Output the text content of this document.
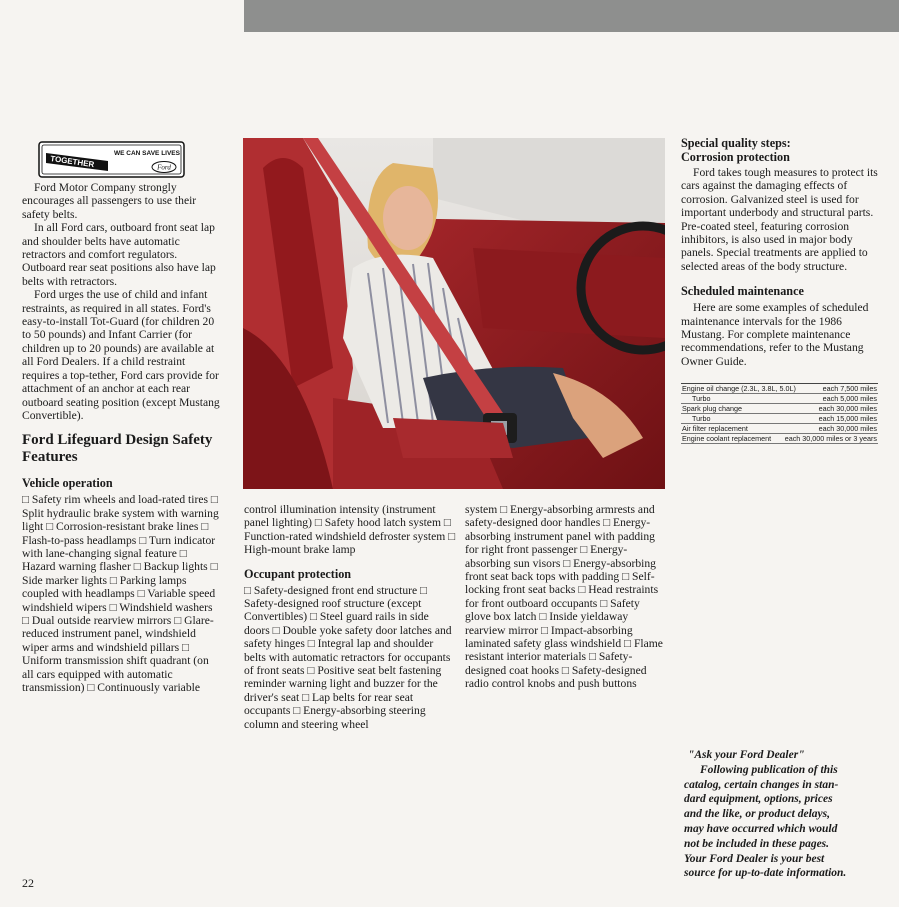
TOGETHER
WE CAN SAVE LIVES
Ford

Ford Motor Company strongly encourages all passengers to use their safety belts.

In all Ford cars, outboard front seat lap and shoulder belts have automatic retractors and comfort regulators. Outboard rear seat positions also have lap belts with retractors.

Ford urges the use of child and infant restraints, as required in all states. Ford's easy-to-install Tot-Guard (for children 20 to 50 pounds) and Infant Carrier (for children up to 20 pounds) are available at all Ford Dealers. If a child restraint requires a top-tether, Ford cars provide for attachment of an anchor at each rear outboard seating position (except Mustang Convertible).

Ford Lifeguard Design Safety Features
Vehicle operation

□ Safety rim wheels and load-rated tires □ Split hydraulic brake system with warning light □ Corrosion-resistant brake lines □ Flash-to-pass headlamps □ Turn indicator with lane-changing signal feature □ Hazard warning flasher □ Backup lights □ Side marker lights □ Parking lamps coupled with headlamps □ Variable speed windshield wipers □ Windshield washers □ Dual outside rearview mirrors □ Glare-reduced instrument panel, windshield wiper arms and windshield pillars □ Uniform transmission shift quadrant (on all cars equipped with automatic transmission) □ Continuously variable

control illumination intensity (instrument panel lighting) □ Safety hood latch system □ Function-rated windshield defroster system □ High-mount brake lamp

Occupant protection

□ Safety-designed front end structure □ Safety-designed roof structure (except Convertibles) □ Steel guard rails in side doors □ Double yoke safety door latches and safety hinges □ Integral lap and shoulder belts with automatic retractors for occupants of front seats □ Positive seat belt fastening reminder warning light and buzzer for the driver's seat □ Lap belts for rear seat occupants □ Energy-absorbing steering column and steering wheel

system □ Energy-absorbing armrests and safety-designed door handles □ Energy-absorbing instrument panel with padding for right front passenger □ Energy-absorbing sun visors □ Energy-absorbing front seat back tops with padding □ Self-locking front seat backs □ Head restraints for front outboard occupants □ Safety glove box latch □ Inside yieldaway rearview mirror □ Impact-absorbing laminated safety glass windshield □ Flame resistant interior materials □ Safety-designed coat hooks □ Safety-designed radio control knobs and push buttons

Special quality steps:
Corrosion protection

Ford takes tough measures to protect its cars against the damaging effects of corrosion. Galvanized steel is used for important underbody and structural parts. Pre-coated steel, featuring corrosion inhibitors, is also used in major body panels. Special treatments are applied to selected areas of the body structure.

Scheduled maintenance

Here are some examples of scheduled maintenance intervals for the 1986 Mustang. For complete maintenance recommendations, refer to the Mustang Owner Guide.

Engine oil change (2.3L, 3.8L, 5.0L)	each 7,500 miles
Turbo	each 5,000 miles
Spark plug change	each 30,000 miles
Turbo	each 15,000 miles
Air filter replacement	each 30,000 miles
Engine coolant replacement each 30,000 miles or 3 years
"Ask your Ford Dealer"
Following publication of this
catalog, certain changes in stan-
dard equipment, options, prices
and the like, or product delays,
may have occurred which would
not be included in these pages.
Your Ford Dealer is your best
source for up-to-date information.
22
